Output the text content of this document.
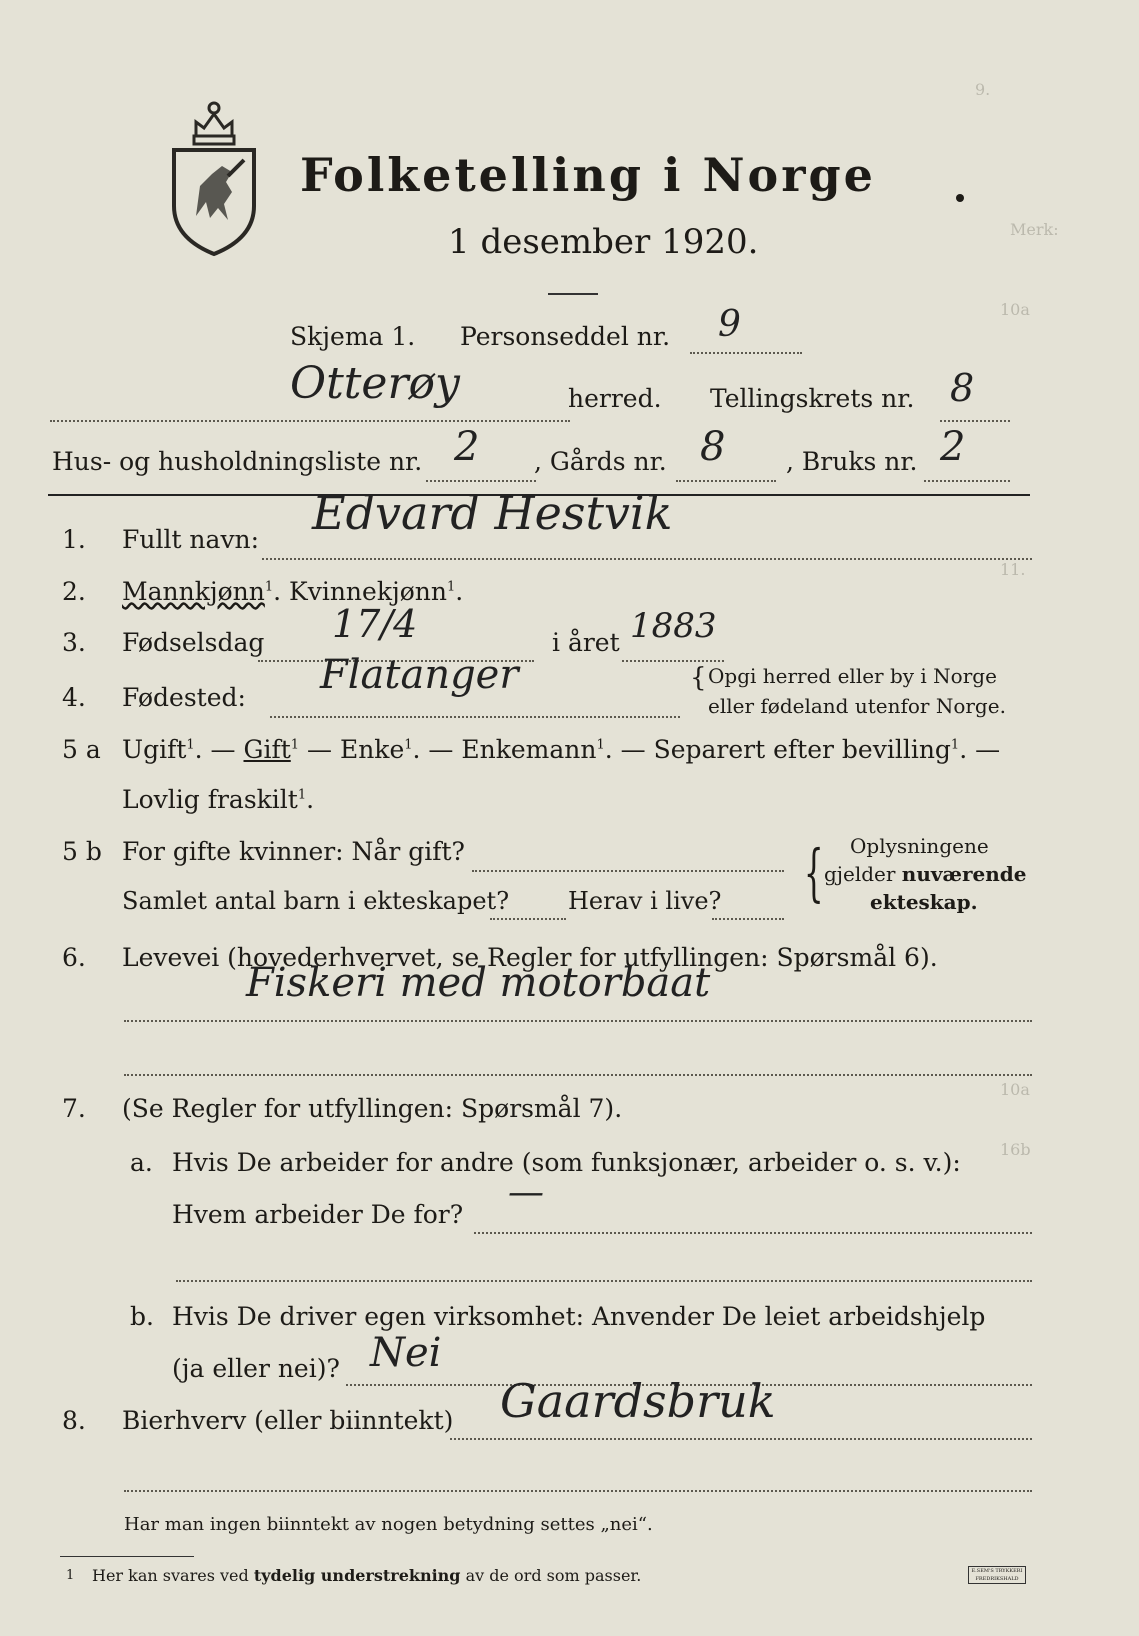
9.
Merk:
10a
11.
10a
16b
Folketelling i Norge
1 desember 1920.
Skjema 1. Personseddel nr. 9
Otterøy	herred. Tellingskrets nr. 8
Hus- og husholdningsliste nr. 2 , Gårds nr. 8 , Bruks nr. 2
1. Fullt navn: Edvard Hestvik
2. Mannkjønn$^1$. Kvinnekjønn$^1$.
3. Fødselsdag 17/4	i året 1883
4. Fødested: Flatanger	{ Opgi herred eller by i Norge
eller fødeland utenfor Norge.
5 a Ugift$^1$. — Gift$^1$ — Enke$^1$. — Enkemann$^1$. — Separert efter bevilling$^1$. —
Lovlig fraskilt$^1$.
5 b For gifte kvinner: Når gift?
Samlet antal barn i ekteskapet? Herav i live? { Oplysningene
gjelder nuværende
ekteskap.
6. Levevei (hovederhvervet, se Regler for utfyllingen: Spørsmål 6).
Fiskeri med motorbaat
7. (Se Regler for utfyllingen: Spørsmål 7).
a. Hvis De arbeider for andre (som funksjonær, arbeider o. s. v.):
Hvem arbeider De for?
—
b. Hvis De driver egen virksomhet: Anvender De leiet arbeidshjelp
(ja eller nei)? Nei
8. Bierhverv (eller biinntekt) Gaardsbruk
Har man ingen biinntekt av nogen betydning settes „nei“.
1 Her kan svares ved tydelig understrekning av de ord som passer.	E.SEM'S TRYKKERI FREDRIKSHALD
